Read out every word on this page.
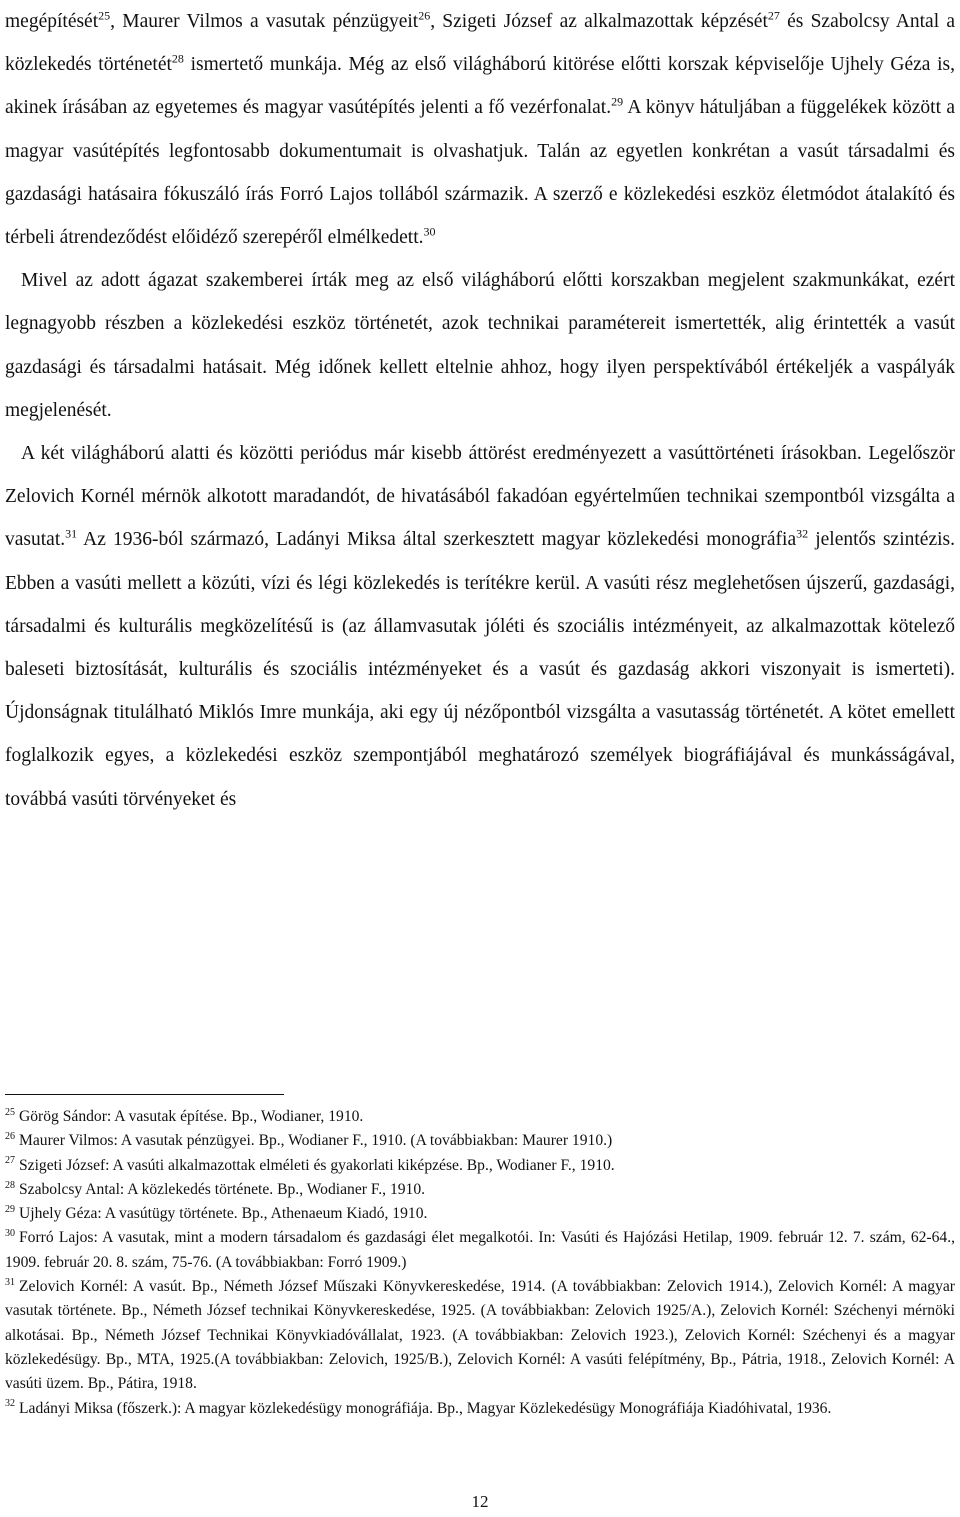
megépítését$^{25}$, Maurer Vilmos a vasutak pénzügyeit$^{26}$, Szigeti József az alkalmazottak képzését$^{27}$ és Szabolcsy Antal a közlekedés történetét$^{28}$ ismertető munkája. Még az első világháború kitörése előtti korszak képviselője Ujhely Géza is, akinek írásában az egyetemes és magyar vasútépítés jelenti a fő vezérfonalat.$^{29}$ A könyv hátuljában a függelékek között a magyar vasútépítés legfontosabb dokumentumait is olvashatjuk. Talán az egyetlen konkrétan a vasút társadalmi és gazdasági hatásaira fókuszáló írás Forró Lajos tollából származik. A szerző e közlekedési eszköz életmódot átalakító és térbeli átrendeződést előidéző szerepéről elmélkedett.$^{30}$

Mivel az adott ágazat szakemberei írták meg az első világháború előtti korszakban megjelent szakmunkákat, ezért legnagyobb részben a közlekedési eszköz történetét, azok technikai paramétereit ismertették, alig érintették a vasút gazdasági és társadalmi hatásait. Még időnek kellett eltelnie ahhoz, hogy ilyen perspektívából értékeljék a vaspályák megjelenését.

A két világháború alatti és közötti periódus már kisebb áttörést eredményezett a vasúttörténeti írásokban. Legelőször Zelovich Kornél mérnök alkotott maradandót, de hivatásából fakadóan egyértelműen technikai szempontból vizsgálta a vasutat.$^{31}$ Az 1936-ból származó, Ladányi Miksa által szerkesztett magyar közlekedési monográfia$^{32}$ jelentős szintézis. Ebben a vasúti mellett a közúti, vízi és légi közlekedés is terítékre kerül. A vasúti rész meglehetősen újszerű, gazdasági, társadalmi és kulturális megközelítésű is (az államvasutak jóléti és szociális intézményeit, az alkalmazottak kötelező baleseti biztosítását, kulturális és szociális intézményeket és a vasút és gazdaság akkori viszonyait is ismerteti). Újdonságnak titulálható Miklós Imre munkája, aki egy új nézőpontból vizsgálta a vasutasság történetét. A kötet emellett foglalkozik egyes, a közlekedési eszköz szempontjából meghatározó személyek biográfiájával és munkásságával, továbbá vasúti törvényeket és

$^{25}$ Görög Sándor: A vasutak építése. Bp., Wodianer, 1910.

$^{26}$ Maurer Vilmos: A vasutak pénzügyei. Bp., Wodianer F., 1910. (A továbbiakban: Maurer 1910.)

$^{27}$ Szigeti József: A vasúti alkalmazottak elméleti és gyakorlati kiképzése. Bp., Wodianer F., 1910.

$^{28}$ Szabolcsy Antal: A közlekedés története. Bp., Wodianer F., 1910.

$^{29}$ Ujhely Géza: A vasútügy története. Bp., Athenaeum Kiadó, 1910.

$^{30}$ Forró Lajos: A vasutak, mint a modern társadalom és gazdasági élet megalkotói. In: Vasúti és Hajózási Hetilap, 1909. február 12. 7. szám, 62-64., 1909. február 20. 8. szám, 75-76. (A továbbiakban: Forró 1909.)

$^{31}$ Zelovich Kornél: A vasút. Bp., Németh József Műszaki Könyvkereskedése, 1914. (A továbbiakban: Zelovich 1914.), Zelovich Kornél: A magyar vasutak története. Bp., Németh József technikai Könyvkereskedése, 1925. (A továbbiakban: Zelovich 1925/A.), Zelovich Kornél: Széchenyi mérnöki alkotásai. Bp., Németh József Technikai Könyvkiadóvállalat, 1923. (A továbbiakban: Zelovich 1923.), Zelovich Kornél: Széchenyi és a magyar közlekedésügy. Bp., MTA, 1925.(A továbbiakban: Zelovich, 1925/B.), Zelovich Kornél: A vasúti felépítmény, Bp., Pátria, 1918., Zelovich Kornél: A vasúti üzem. Bp., Pátira, 1918.

$^{32}$ Ladányi Miksa (főszerk.): A magyar közlekedésügy monográfiája. Bp., Magyar Közlekedésügy Monográfiája Kiadóhivatal, 1936.

12
